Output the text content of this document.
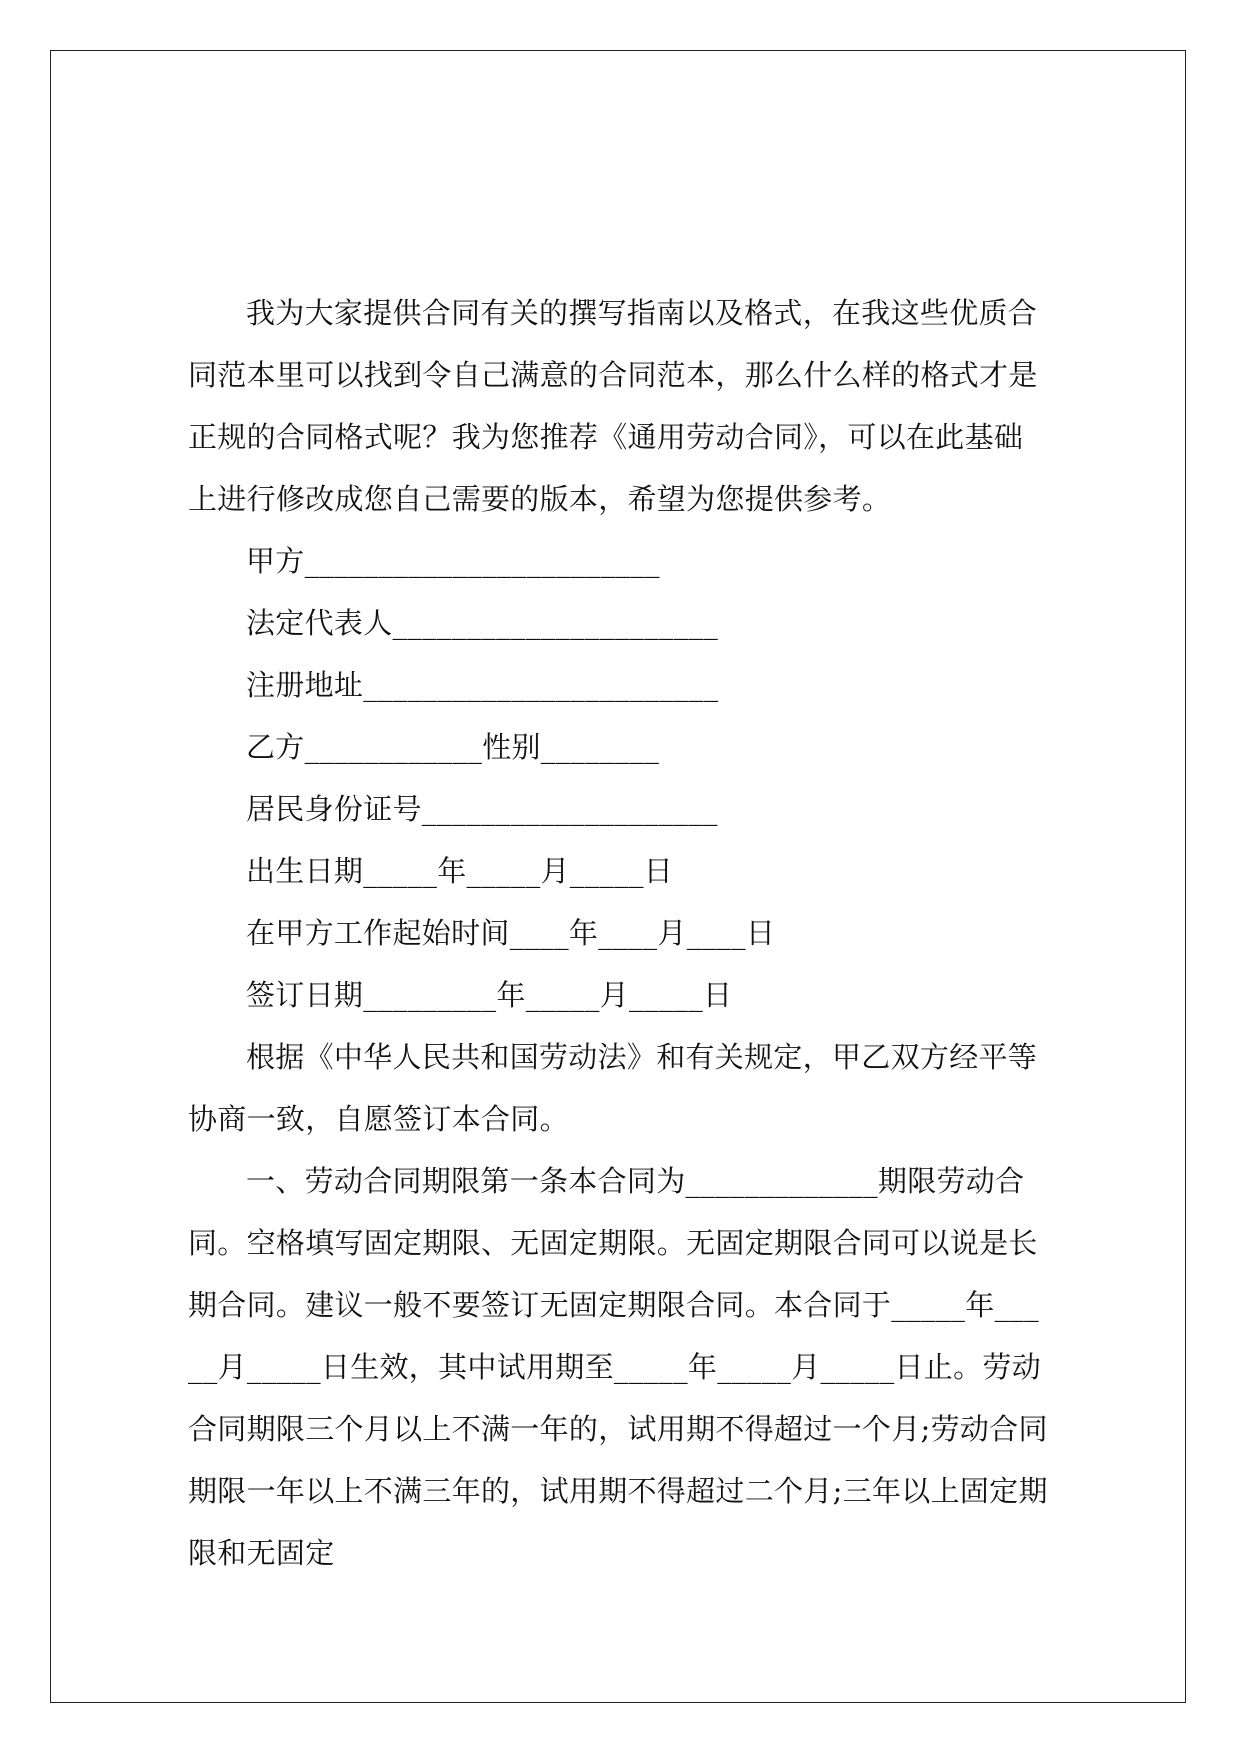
我为大家提供合同有关的撰写指南以及格式，在我这些优质合同范本里可以找到令自己满意的合同范本，那么什么样的格式才是正规的合同格式呢？我为您推荐《通用劳动合同》，可以在此基础上进行修改成您自己需要的版本，希望为您提供参考。

甲方________________________

法定代表人______________________

注册地址________________________

乙方____________性别________

居民身份证号____________________

出生日期_____年_____月_____日

在甲方工作起始时间____年____月____日

签订日期_________年_____月_____日

根据《中华人民共和国劳动法》和有关规定，甲乙双方经平等协商一致，自愿签订本合同。

一、劳动合同期限第一条本合同为_____________期限劳动合同。空格填写固定期限、无固定期限。无固定期限合同可以说是长期合同。建议一般不要签订无固定期限合同。本合同于_____年_____月_____日生效，其中试用期至_____年_____月_____日止。劳动合同期限三个月以上不满一年的，试用期不得超过一个月;劳动合同期限一年以上不满三年的，试用期不得超过二个月;三年以上固定期限和无固定
